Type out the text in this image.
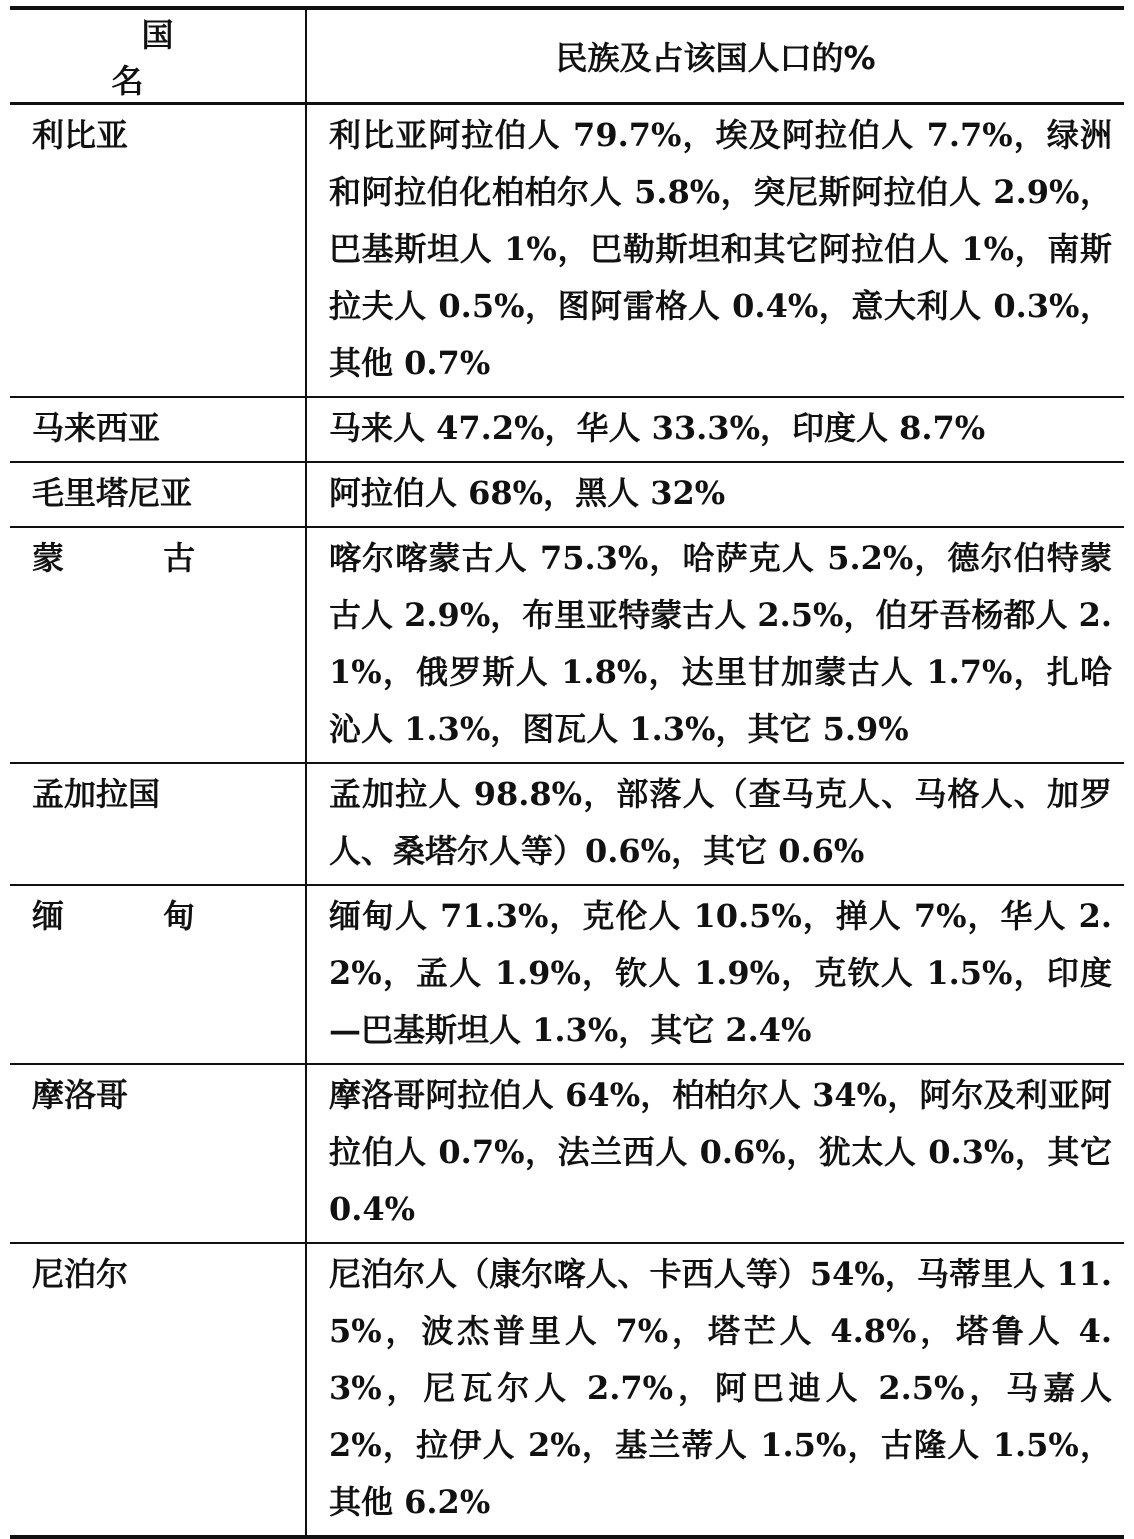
国 名	民族及占该国人口的%
利比亚	利比亚阿拉伯人 79.7%，埃及阿拉伯人 7.7%，绿洲和阿拉伯化柏柏尔人 5.8%，突尼斯阿拉伯人 2.9%，巴基斯坦人 1%，巴勒斯坦和其它阿拉伯人 1%，南斯拉夫人 0.5%，图阿雷格人 0.4%，意大利人 0.3%，其他 0.7%
马来西亚	马来人 47.2%，华人 33.3%，印度人 8.7%
毛里塔尼亚	阿拉伯人 68%，黑人 32%
蒙 古	喀尔喀蒙古人 75.3%，哈萨克人 5.2%，德尔伯特蒙古人 2.9%，布里亚特蒙古人 2.5%，伯牙吾杨都人 2.1%，俄罗斯人 1.8%，达里甘加蒙古人 1.7%，扎哈沁人 1.3%，图瓦人 1.3%，其它 5.9%
孟加拉国	孟加拉人 98.8%，部落人（查马克人、马格人、加罗人、桑塔尔人等）0.6%，其它 0.6%
缅 甸	缅甸人 71.3%，克伦人 10.5%，掸人 7%，华人 2.2%，孟人 1.9%，钦人 1.9%，克钦人 1.5%，印度—巴基斯坦人 1.3%，其它 2.4%
摩洛哥	摩洛哥阿拉伯人 64%，柏柏尔人 34%，阿尔及利亚阿拉伯人 0.7%，法兰西人 0.6%，犹太人 0.3%，其它 0.4%
尼泊尔	尼泊尔人（康尔喀人、卡西人等）54%，马蒂里人 11.5%，波杰普里人 7%，塔芒人 4.8%，塔鲁人 4.3%，尼瓦尔人 2.7%，阿巴迪人 2.5%，马嘉人 2%，拉伊人 2%，基兰蒂人 1.5%，古隆人 1.5%，其他 6.2%
